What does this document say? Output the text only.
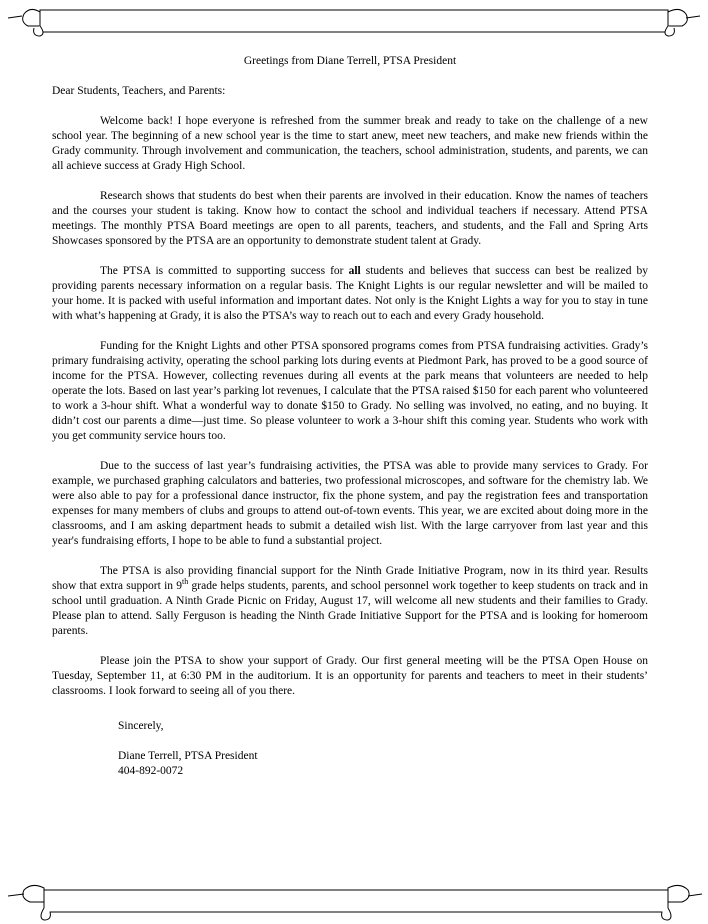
Greetings from Diane Terrell, PTSA President

Dear Students, Teachers, and Parents:

Welcome back! I hope everyone is refreshed from the summer break and ready to take on the challenge of a new school year. The beginning of a new school year is the time to start anew, meet new teachers, and make new friends within the Grady community. Through involvement and communication, the teachers, school administration, students, and parents, we can all achieve success at Grady High School.

Research shows that students do best when their parents are involved in their education. Know the names of teachers and the courses your student is taking. Know how to contact the school and individual teachers if necessary. Attend PTSA meetings. The monthly PTSA Board meetings are open to all parents, teachers, and students, and the Fall and Spring Arts Showcases sponsored by the PTSA are an opportunity to demonstrate student talent at Grady.

The PTSA is committed to supporting success for all students and believes that success can best be realized by providing parents necessary information on a regular basis. The Knight Lights is our regular newsletter and will be mailed to your home. It is packed with useful information and important dates. Not only is the Knight Lights a way for you to stay in tune with what’s happening at Grady, it is also the PTSA’s way to reach out to each and every Grady household.

Funding for the Knight Lights and other PTSA sponsored programs comes from PTSA fundraising activities. Grady’s primary fundraising activity, operating the school parking lots during events at Piedmont Park, has proved to be a good source of income for the PTSA. However, collecting revenues during all events at the park means that volunteers are needed to help operate the lots. Based on last year’s parking lot revenues, I calculate that the PTSA raised $150 for each parent who volunteered to work a 3-hour shift. What a wonderful way to donate $150 to Grady. No selling was involved, no eating, and no buying. It didn’t cost our parents a dime—just time. So please volunteer to work a 3-hour shift this coming year. Students who work with you get community service hours too.

Due to the success of last year’s fundraising activities, the PTSA was able to provide many services to Grady. For example, we purchased graphing calculators and batteries, two professional microscopes, and software for the chemistry lab. We were also able to pay for a professional dance instructor, fix the phone system, and pay the registration fees and transportation expenses for many members of clubs and groups to attend out-of-town events. This year, we are excited about doing more in the classrooms, and I am asking department heads to submit a detailed wish list. With the large carryover from last year and this year's fundraising efforts, I hope to be able to fund a substantial project.

The PTSA is also providing financial support for the Ninth Grade Initiative Program, now in its third year. Results show that extra support in 9th grade helps students, parents, and school personnel work together to keep students on track and in school until graduation. A Ninth Grade Picnic on Friday, August 17, will welcome all new students and their families to Grady. Please plan to attend. Sally Ferguson is heading the Ninth Grade Initiative Support for the PTSA and is looking for homeroom parents.

Please join the PTSA to show your support of Grady. Our first general meeting will be the PTSA Open House on Tuesday, September 11, at 6:30 PM in the auditorium. It is an opportunity for parents and teachers to meet in their students’ classrooms. I look forward to seeing all of you there.

Sincerely,

Diane Terrell, PTSA President

404-892-0072
